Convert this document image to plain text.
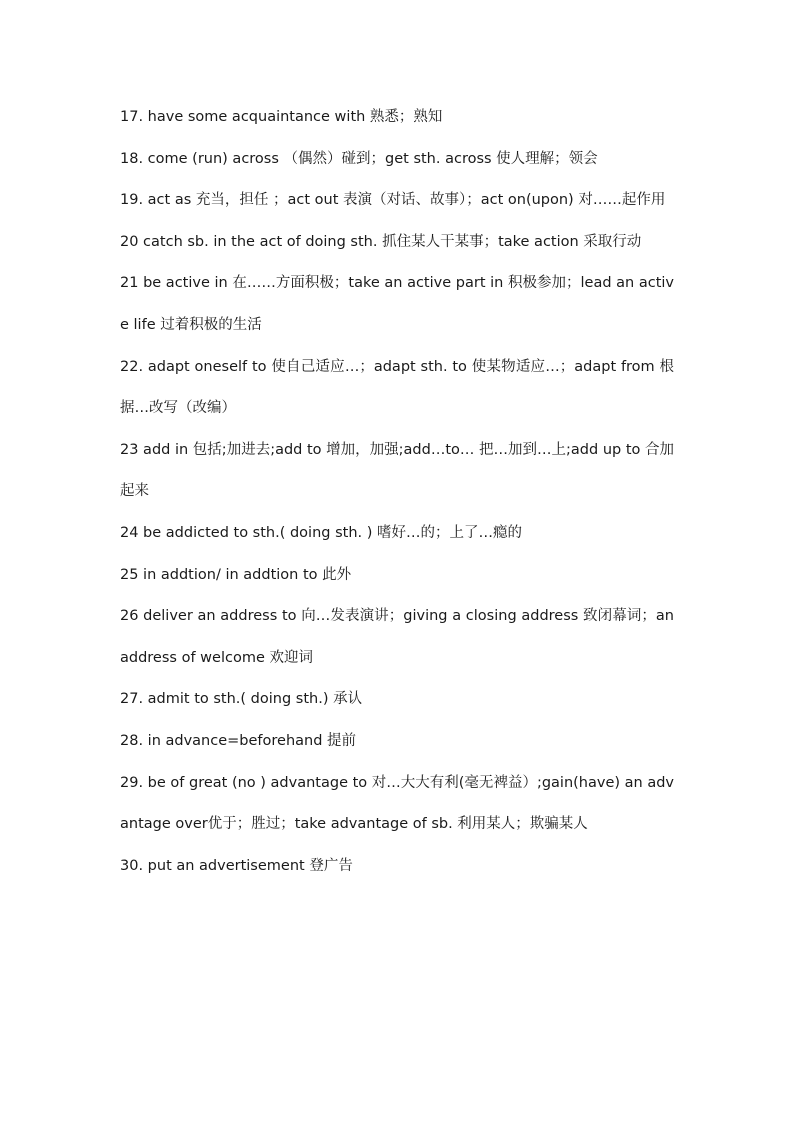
17. have some acquaintance with 熟悉；熟知

18. come (run) across （偶然）碰到；get sth. across 使人理解；领会

19. act as 充当，担任 ；act out 表演（对话、故事）；act on(upon) 对……起作用

20 catch sb. in the act of doing sth. 抓住某人干某事；take action 采取行动

21 be active in 在……方面积极；take an active part in 积极参加；lead an active life 过着积极的生活

22. adapt oneself to 使自己适应…；adapt sth. to 使某物适应…；adapt from 根据…改写（改编）

23 add in 包括;加进去;add to 增加，加强;add…to… 把…加到…上;add up to 合加起来

24 be addicted to sth.( doing sth. ) 嗜好…的；上了…瘾的

25 in addtion/ in addtion to 此外

26 deliver an address to 向…发表演讲；giving a closing address 致闭幕词；an address of welcome 欢迎词

27. admit to sth.( doing sth.) 承认

28. in advance=beforehand 提前

29. be of great (no ) advantage to 对…大大有利(毫无裨益）;gain(have) an advantage over优于；胜过；take advantage of sb. 利用某人；欺骗某人

30. put an advertisement 登广告
